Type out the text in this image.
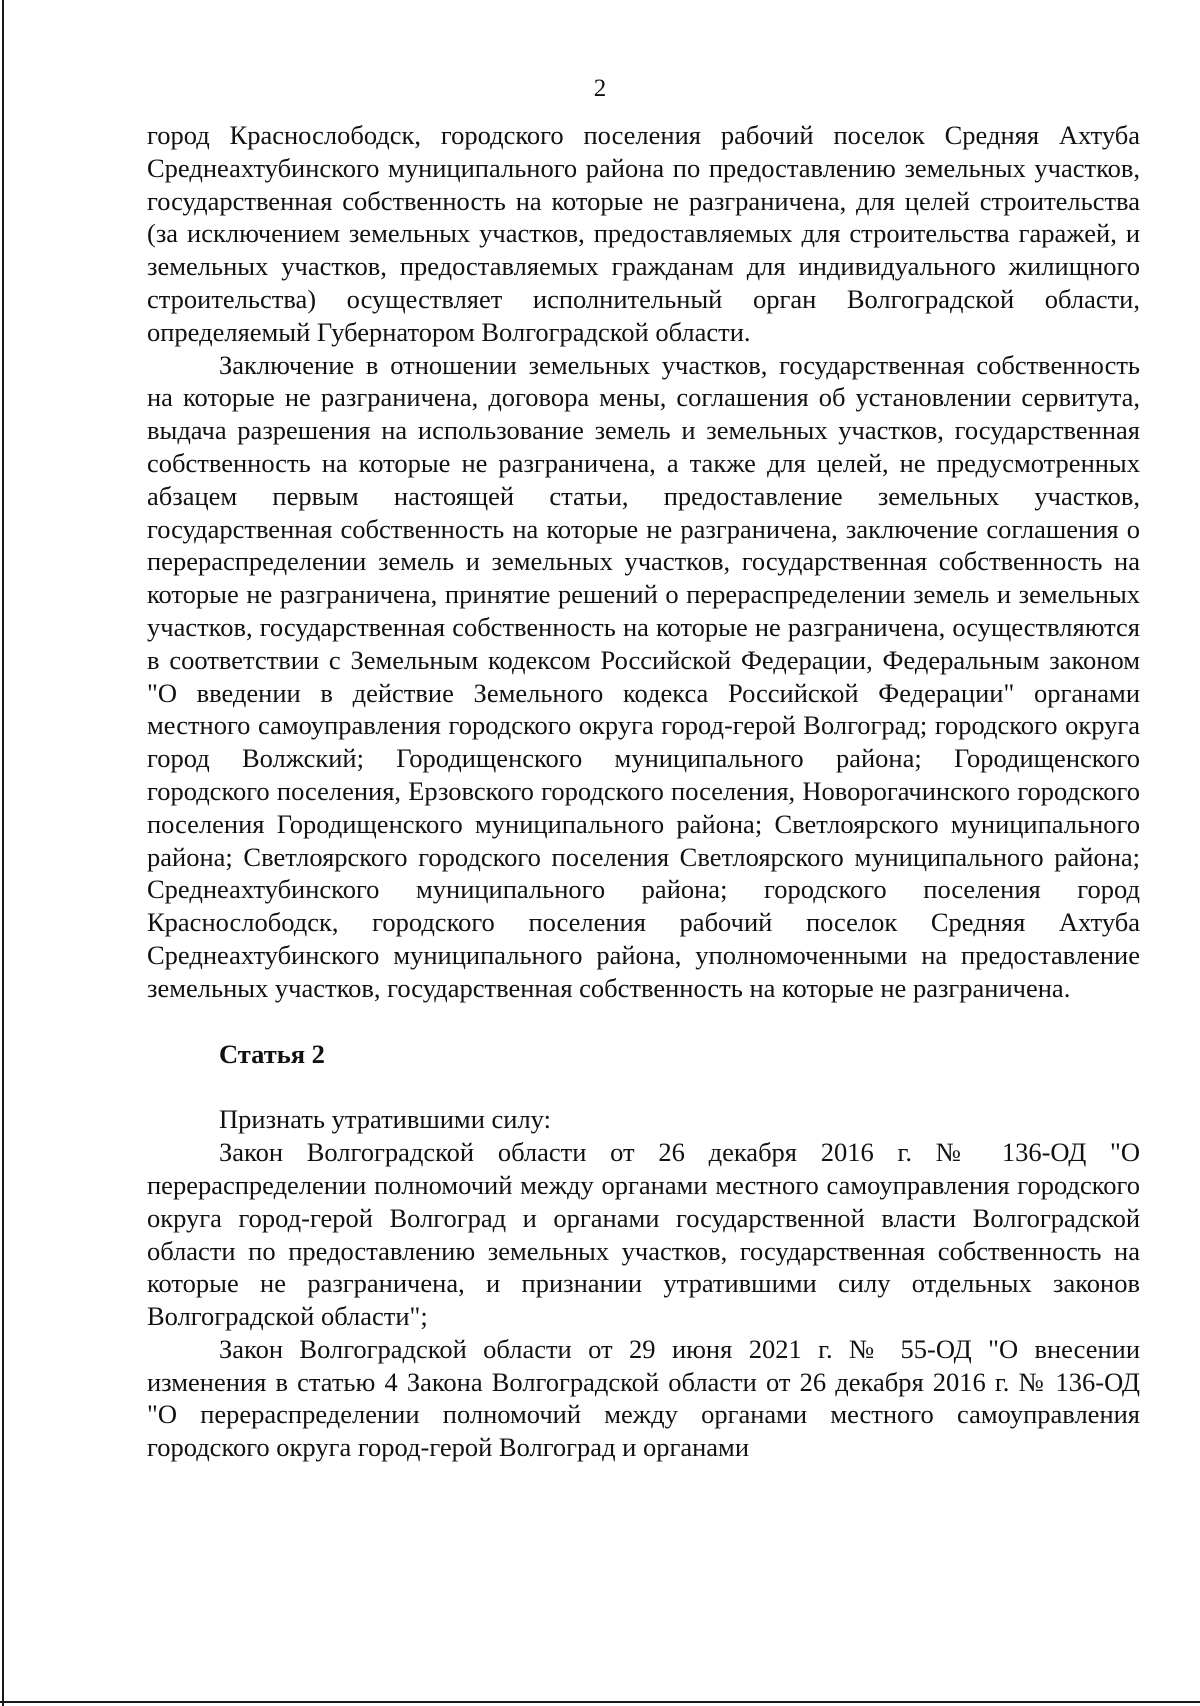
2

город Краснослободск, городского поселения рабочий поселок Средняя Ахтуба Среднеахтубинского муниципального района по предоставлению земельных участков, государственная собственность на которые не разграничена, для целей строительства (за исключением земельных участков, предоставляемых для строительства гаражей, и земельных участков, предоставляемых гражданам для индивидуального жилищного строительства) осуществляет исполнительный орган Волгоградской области, определяемый Губернатором Волгоградской области.

Заключение в отношении земельных участков, государственная собственность на которые не разграничена, договора мены, соглашения об установлении сервитута, выдача разрешения на использование земель и земельных участков, государственная собственность на которые не разграничена, а также для целей, не предусмотренных абзацем первым настоящей статьи, предоставление земельных участков, государственная собственность на которые не разграничена, заключение соглашения о перераспределении земель и земельных участков, государственная собственность на которые не разграничена, принятие решений о перераспределении земель и земельных участков, государственная собственность на которые не разграничена, осуществляются в соответствии с Земельным кодексом Российской Федерации, Федеральным законом "О введении в действие Земельного кодекса Российской Федерации" органами местного самоуправления городского округа город-герой Волгоград; городского округа город Волжский; Городищенского муниципального района; Городищенского городского поселения, Ерзовского городского поселения, Новорогачинского городского поселения Городищенского муниципального района; Светлоярского муниципального района; Светлоярского городского поселения Светлоярского муниципального района; Среднеахтубинского муниципального района; городского поселения город Краснослободск, городского поселения рабочий поселок Средняя Ахтуба Среднеахтубинского муниципального района, уполномоченными на предоставление земельных участков, государственная собственность на которые не разграничена.

Статья 2

Признать утратившими силу:

Закон Волгоградской области от 26 декабря 2016 г. № 136-ОД "О перераспределении полномочий между органами местного самоуправления городского округа город-герой Волгоград и органами государственной власти Волгоградской области по предоставлению земельных участков, государственная собственность на которые не разграничена, и признании утратившими силу отдельных законов Волгоградской области";

Закон Волгоградской области от 29 июня 2021 г. № 55-ОД "О внесении изменения в статью 4 Закона Волгоградской области от 26 декабря 2016 г. № 136-ОД "О перераспределении полномочий между органами местного самоуправления городского округа город-герой Волгоград и органами
